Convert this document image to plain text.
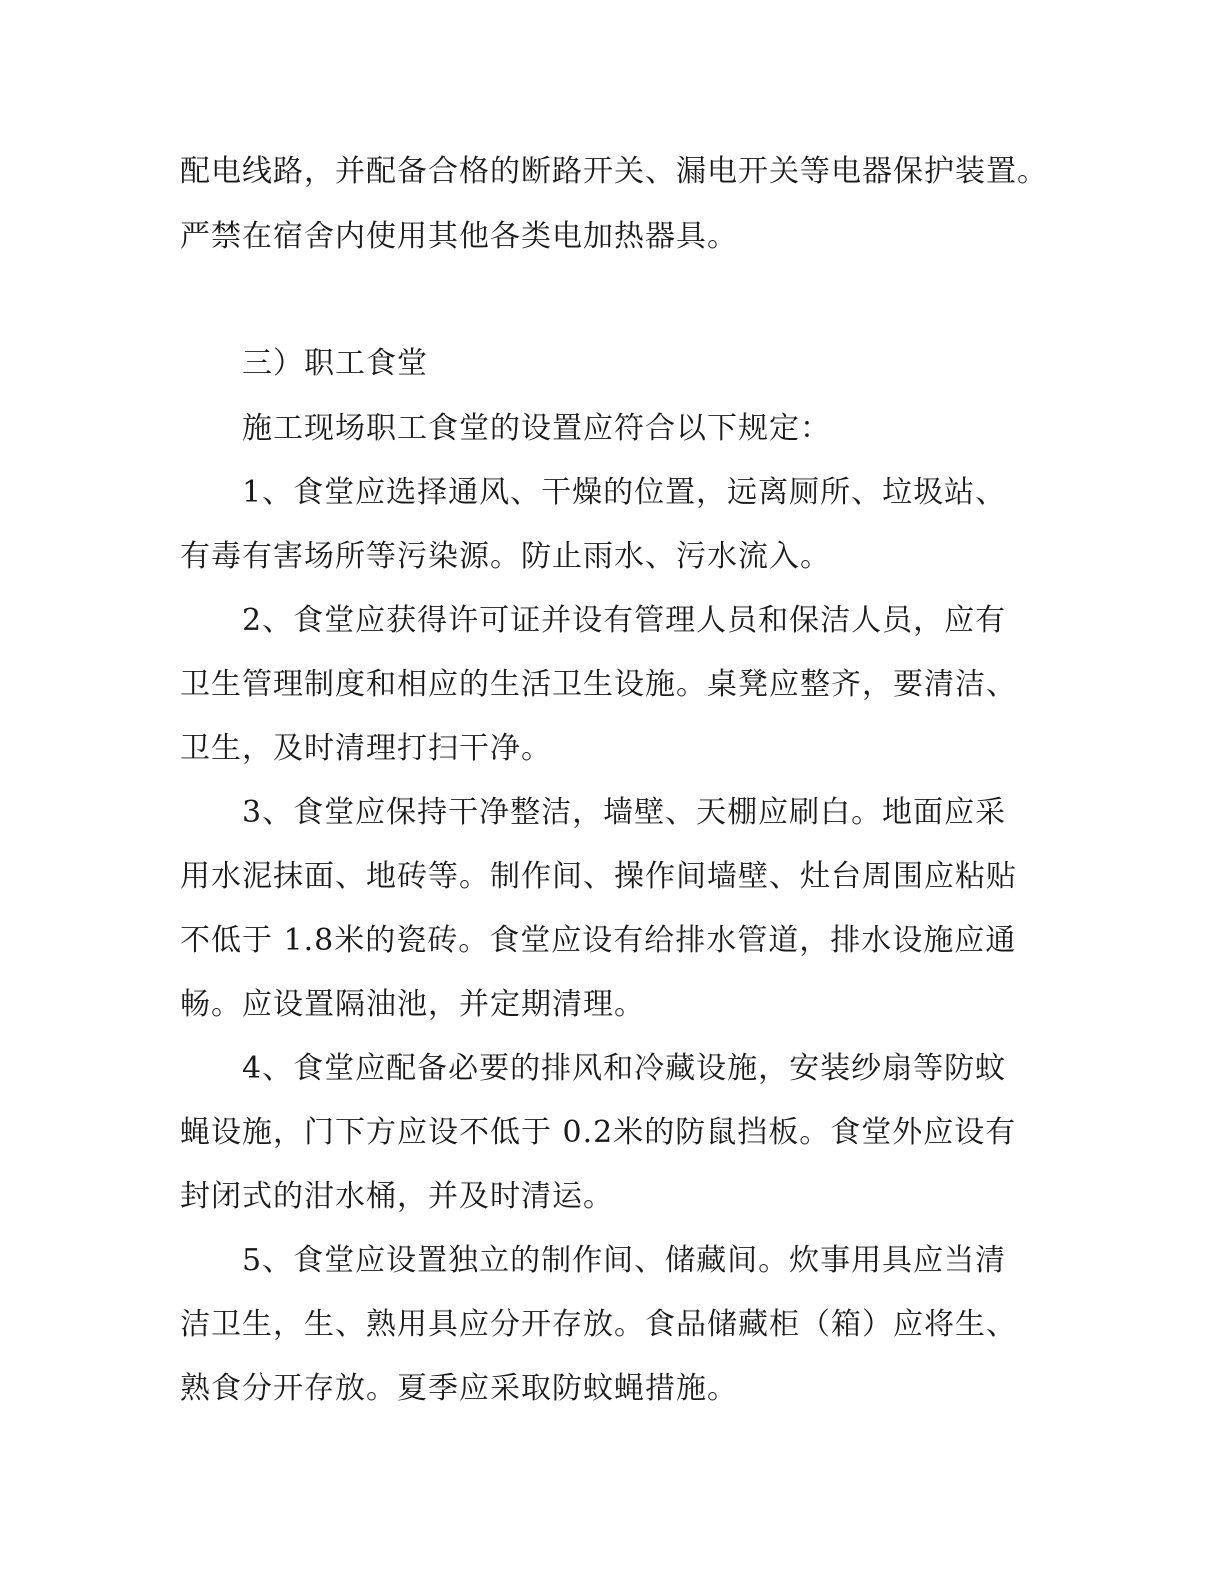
配电线路，并配备合格的断路开关、漏电开关等电器保护装置。
严禁在宿舍内使用其他各类电加热器具。
三）职工食堂
施工现场职工食堂的设置应符合以下规定：
1、食堂应选择通风、干燥的位置，远离厕所、垃圾站、
有毒有害场所等污染源。防止雨水、污水流入。
2、食堂应获得许可证并设有管理人员和保洁人员，应有
卫生管理制度和相应的生活卫生设施。桌凳应整齐，要清洁、
卫生，及时清理打扫干净。
3、食堂应保持干净整洁，墙壁、天棚应刷白。地面应采
用水泥抹面、地砖等。制作间、操作间墙壁、灶台周围应粘贴
不低于 1.8米的瓷砖。食堂应设有给排水管道，排水设施应通
畅。应设置隔油池，并定期清理。
4、食堂应配备必要的排风和冷藏设施，安装纱扇等防蚊
蝇设施，门下方应设不低于 0.2米的防鼠挡板。食堂外应设有
封闭式的泔水桶，并及时清运。
5、食堂应设置独立的制作间、储藏间。炊事用具应当清
洁卫生，生、熟用具应分开存放。食品储藏柜（箱）应将生、
熟食分开存放。夏季应采取防蚊蝇措施。
